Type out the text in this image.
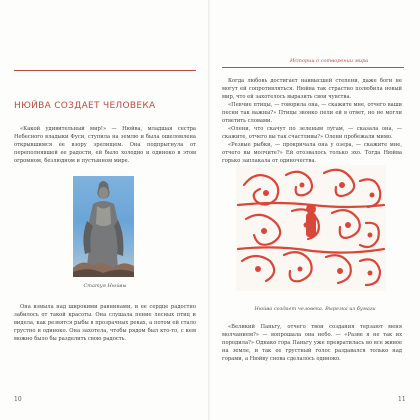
НЮЙВА СОЗДАЕТ ЧЕЛОВЕКА

«Какой удивительный мир!» — Нюйва, младшая сестра Небесного владыки Фуси, ступила на землю и была ошеломлена открывшимся ее взору зрелищем. Она подпрыгнула от переполнявшей ее радости, ей было холодно и одиноко в этом огромном, безлюдном и пустынном мире.

Статуя Нюйвы

Она взмыла над широкими равнинами, и ее сердце радостно забилось от такой красоты. Она слушала пение лесных птиц и видела, как резвятся рыбы в прозрачных реках, а потом ей стало грустно и одиноко. Она захотела, чтобы рядом был кто-то, с кем можно было бы разделить свою радость.

10
Истории о сотворении мира

Когда любовь достигает наивысшей степени, даже боги не могут ей сопротивляться. Нюйва так страстно полюбила новый мир, что ей захотелось выразить свои чувства.

«Певчие птицы, — говорила она, — скажите мне, отчего ваши песни так важны?» Птицы звонко пели ей в ответ, но не могли ответить словами.

«Олени, что скачут по зеленым лугам, — сказала она, — скажите, отчего вы так счастливы?» Олени пробежали мимо.

«Резвые рыбки, — прокричала она у озера, — скажите мне, отчего вы молчите?» Ей отозвалось только эхо. Тогда Нюйва горько заплакала от одиночества.

Нюйва создает человека. Вырезка из бумаги

«Великий Паньгу, отчего твои создания терзают меня молчанием?» — вопрошала она небо. — «Разве я не так их породила?» Однако гора Паньгу уже превратилась во все живое на земле, и так ее грустный голос раздавался только над горами, а Нюйву снова сделалось одиноко.

11
